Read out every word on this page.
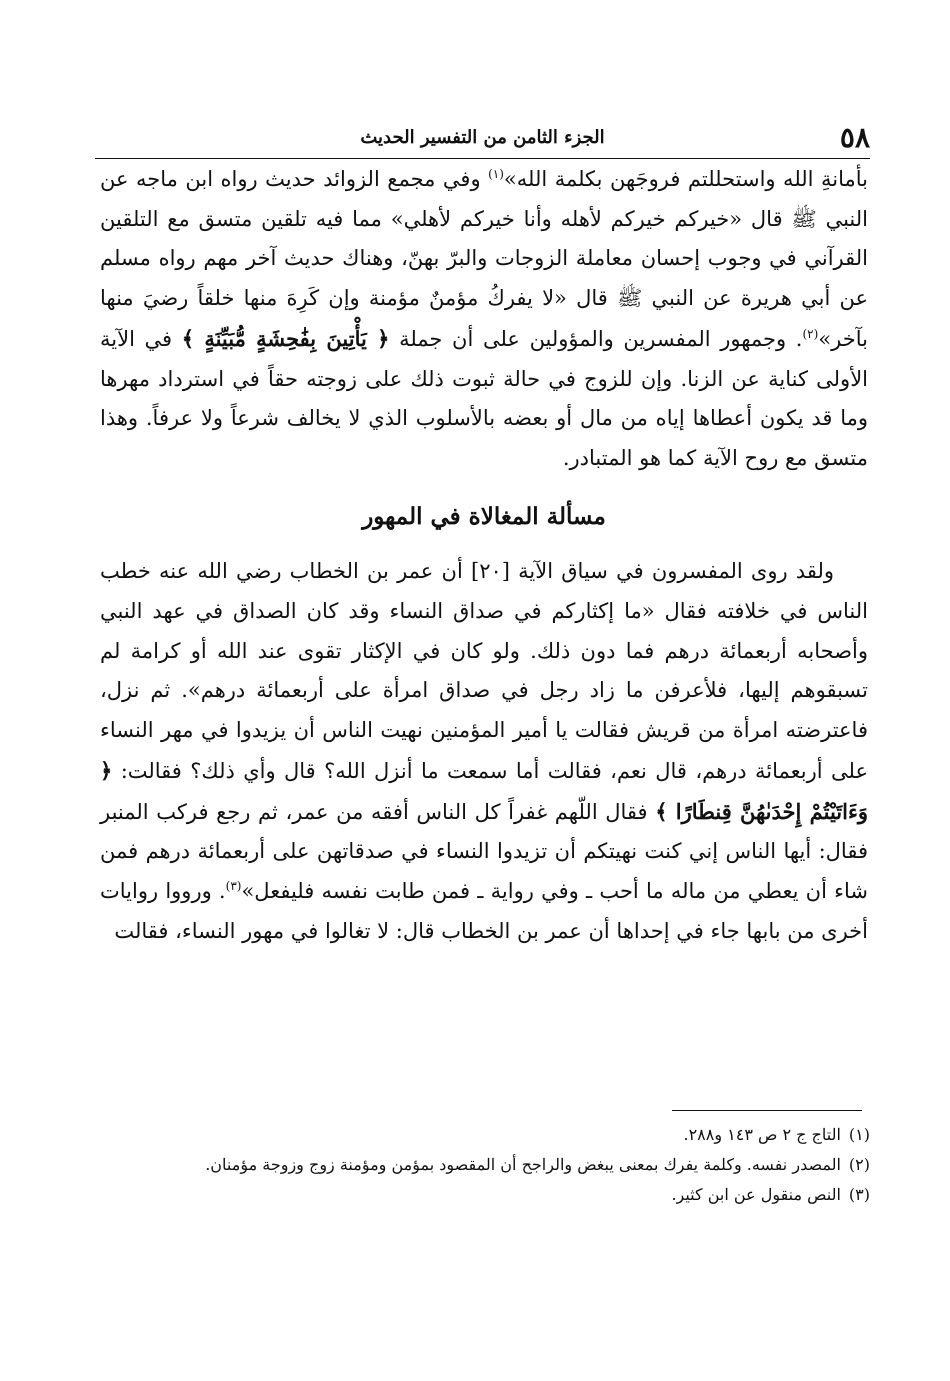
٥٨
الجزء الثامن من التفسير الحديث

بأمانةِ الله واستحللتم فروجَهن بكلمة الله»$^{(١)}$ وفي مجمع الزوائد حديث رواه ابن ماجه عن النبي ﷺ قال «خيركم خيركم لأهله وأنا خيركم لأهلي» مما فيه تلقين متسق مع التلقين القرآني في وجوب إحسان معاملة الزوجات والبرّ بهنّ، وهناك حديث آخر مهم رواه مسلم عن أبي هريرة عن النبي ﷺ قال «لا يفركُ مؤمنٌ مؤمنة وإن كَرِهَ منها خلقاً رضيَ منها بآخر»$^{(٢)}$. وجمهور المفسرين والمؤولين على أن جملة ﴿ يَأْتِينَ بِفَٰحِشَةٍ مُّبَيِّنَةٍ ﴾ في الآية الأولى كناية عن الزنا. وإن للزوج في حالة ثبوت ذلك على زوجته حقاً في استرداد مهرها وما قد يكون أعطاها إياه من مال أو بعضه بالأسلوب الذي لا يخالف شرعاً ولا عرفاً. وهذا متسق مع روح الآية كما هو المتبادر.

مسألة المغالاة في المهور

ولقد روى المفسرون في سياق الآية [٢٠] أن عمر بن الخطاب رضي الله عنه خطب الناس في خلافته فقال «ما إكثاركم في صداق النساء وقد كان الصداق في عهد النبي وأصحابه أربعمائة درهم فما دون ذلك. ولو كان في الإكثار تقوى عند الله أو كرامة لم تسبقوهم إليها، فلأعرفن ما زاد رجل في صداق امرأة على أربعمائة درهم». ثم نزل، فاعترضته امرأة من قريش فقالت يا أمير المؤمنين نهيت الناس أن يزيدوا في مهر النساء على أربعمائة درهم، قال نعم، فقالت أما سمعت ما أنزل الله؟ قال وأي ذلك؟ فقالت: ﴿ وَءَاتَيْتُمْ إِحْدَىٰهُنَّ قِنطَارًا ﴾ فقال اللّهم غفراً كل الناس أفقه من عمر، ثم رجع فركب المنبر فقال: أيها الناس إني كنت نهيتكم أن تزيدوا النساء في صدقاتهن على أربعمائة درهم فمن شاء أن يعطي من ماله ما أحب ـ وفي رواية ـ فمن طابت نفسه فليفعل»$^{(٣)}$. ورووا روايات أخرى من بابها جاء في إحداها أن عمر بن الخطاب قال: لا تغالوا في مهور النساء، فقالت

(١)
التاج ج ٢ ص ١٤٣ و٢٨٨.
(٢)
المصدر نفسه. وكلمة يفرك بمعنى يبغض والراجح أن المقصود بمؤمن ومؤمنة زوج وزوجة مؤمنان.
(٣)
النص منقول عن ابن كثير.
